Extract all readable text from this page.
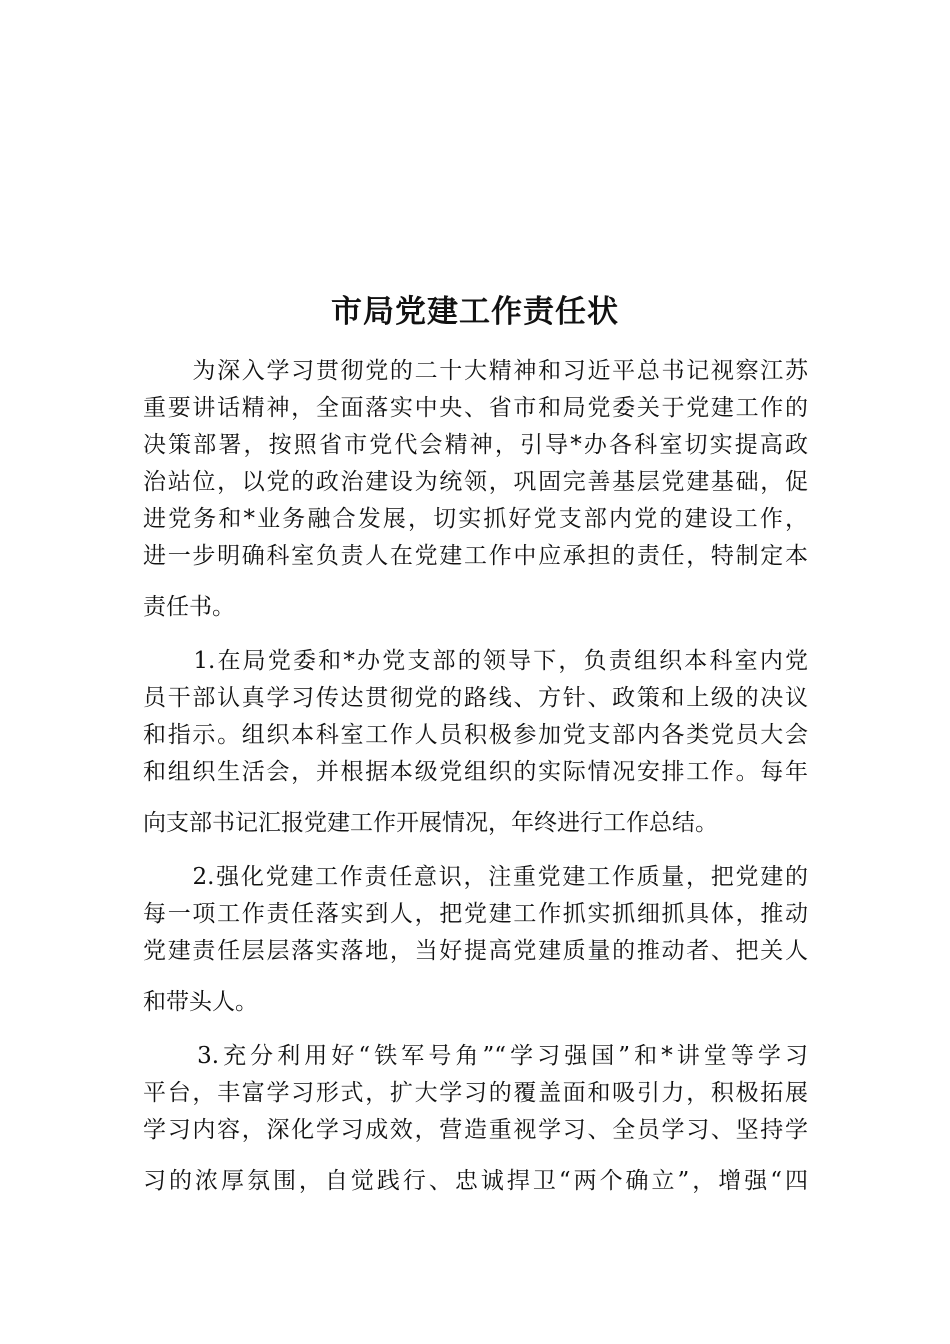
市局党建工作责任状
　　为深入学习贯彻党的二十大精神和习近平总书记视察江苏
重要讲话精神，全面落实中央、省市和局党委关于党建工作的
决策部署，按照省市党代会精神，引导*办各科室切实提高政
治站位，以党的政治建设为统领，巩固完善基层党建基础，促
进党务和*业务融合发展，切实抓好党支部内党的建设工作，
进一步明确科室负责人在党建工作中应承担的责任，特制定本
责任书。
　　1.在局党委和*办党支部的领导下，负责组织本科室内党
员干部认真学习传达贯彻党的路线、方针、政策和上级的决议
和指示。组织本科室工作人员积极参加党支部内各类党员大会
和组织生活会，并根据本级党组织的实际情况安排工作。每年
向支部书记汇报党建工作开展情况，年终进行工作总结。
　　2.强化党建工作责任意识，注重党建工作质量，把党建的
每一项工作责任落实到人，把党建工作抓实抓细抓具体，推动
党建责任层层落实落地，当好提高党建质量的推动者、把关人
和带头人。
　　3.充分利用好“铁军号角”“学习强国”和*讲堂等学习
平台，丰富学习形式，扩大学习的覆盖面和吸引力，积极拓展
学习内容，深化学习成效，营造重视学习、全员学习、坚持学
习的浓厚氛围，自觉践行、忠诚捍卫“两个确立”，增强“四
